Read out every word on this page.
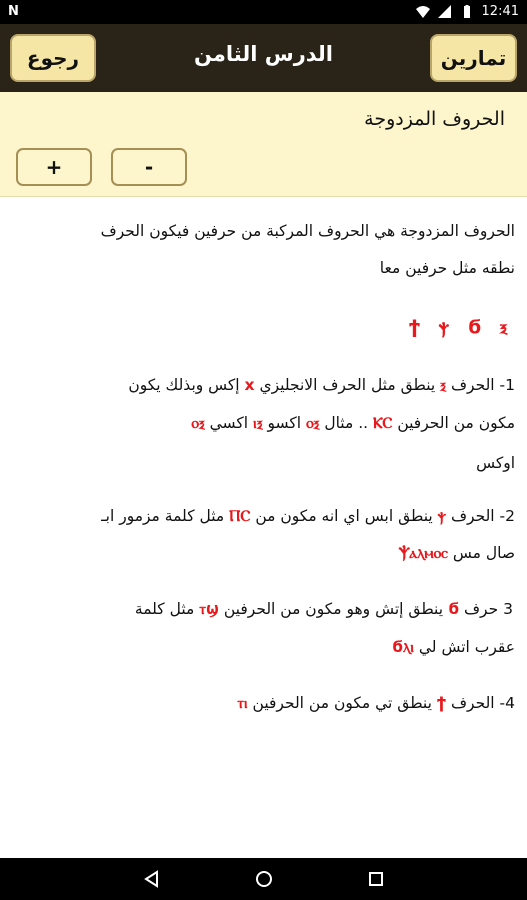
N	12:41
رجوع	الدرس الثامن	تمارين
الحروف المزدوجة
+	-
الحروف المزدوجة هي الحروف المركبة من حرفين فيكون الحرف
نطقه مثل حرفين معا
ϯ ⲯ ϭ ⲝ
1- الحرف ⲝ ينطق مثل الحرف الانجليزي x إكس وبذلك يكون
مكون من الحرفين ⲔⲤ .. مثال ⲟⲝ اكسو ⲓⲝ اكسي ⲟⲝ
اوكس
2- الحرف ⲯ ينطق ابس اي انه مكون من ⲠⲤ مثل كلمة مزمور ابـ
صال مس Ⲯⲁⲗⲙⲟⲥ
3 حرف ϭ ينطق إتش وهو مكون من الحرفين ⲧϣ مثل كلمة
عقرب اتش لي ϭⲗⲓ
4- الحرف ϯ ينطق تي مكون من الحرفين ⲧⲓ
